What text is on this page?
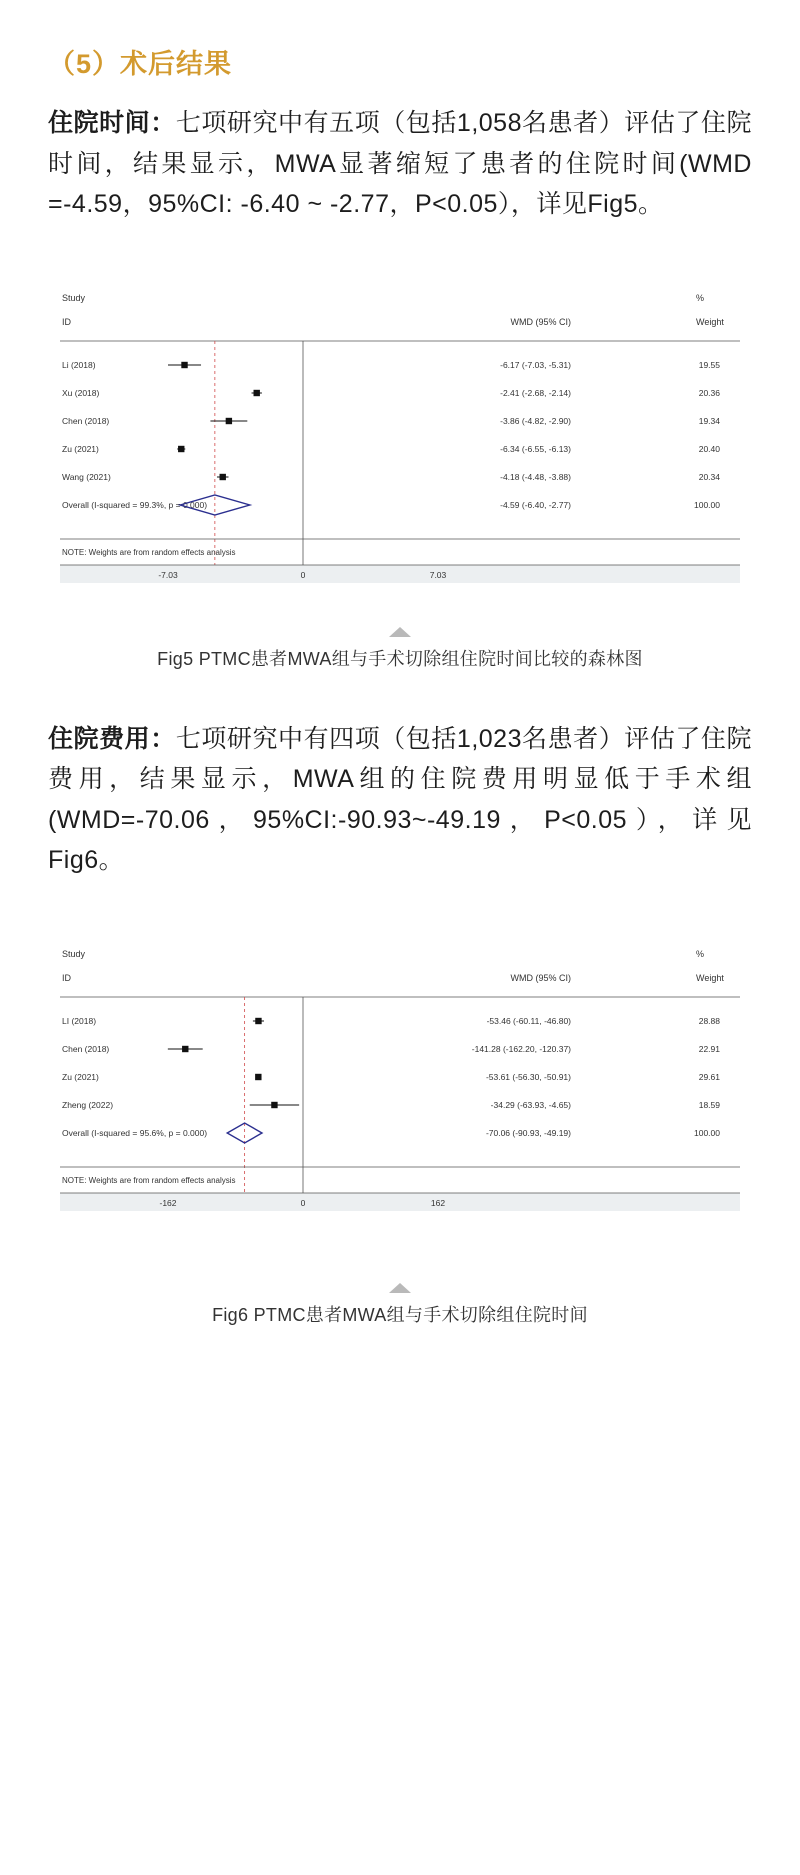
（5）术后结果

住院时间：七项研究中有五项（包括1,058名患者）评估了住院时间，结果显示，MWA显著缩短了患者的住院时间(WMD =-4.59，95%CI: -6.40 ~ -2.77，P<0.05），详见Fig5。

Study
ID	WMD (95% CI)
%
Weight
Li (2018)	-6.17 (-7.03, -5.31)	19.55
Xu (2018)	-2.41 (-2.68, -2.14)	20.36
Chen (2018)	-3.86 (-4.82, -2.90)	19.34
Zu (2021)	-6.34 (-6.55, -6.13)	20.40
Wang (2021)	-4.18 (-4.48, -3.88)	20.34
Overall (I-squared = 99.3%, p = 0.000)	-4.59 (-6.40, -2.77)	100.00
NOTE: Weights are from random effects analysis
-7.03	0	7.03
Fig5 PTMC患者MWA组与手术切除组住院时间比较的森林图

住院费用：七项研究中有四项（包括1,023名患者）评估了住院费用，结果显示，MWA组的住院费用明显低于手术组(WMD=-70.06，95%CI:-90.93~-49.19，P<0.05），详见Fig6。

Study
ID	WMD (95% CI)
%
Weight
LI (2018)	-53.46 (-60.11, -46.80)	28.88
Chen (2018)	-141.28 (-162.20, -120.37)	22.91
Zu (2021)	-53.61 (-56.30, -50.91)	29.61
Zheng (2022)	-34.29 (-63.93, -4.65)	18.59
Overall (I-squared = 95.6%, p = 0.000)	-70.06 (-90.93, -49.19)	100.00
NOTE: Weights are from random effects analysis
-162	0	162
Fig6 PTMC患者MWA组与手术切除组住院时间
